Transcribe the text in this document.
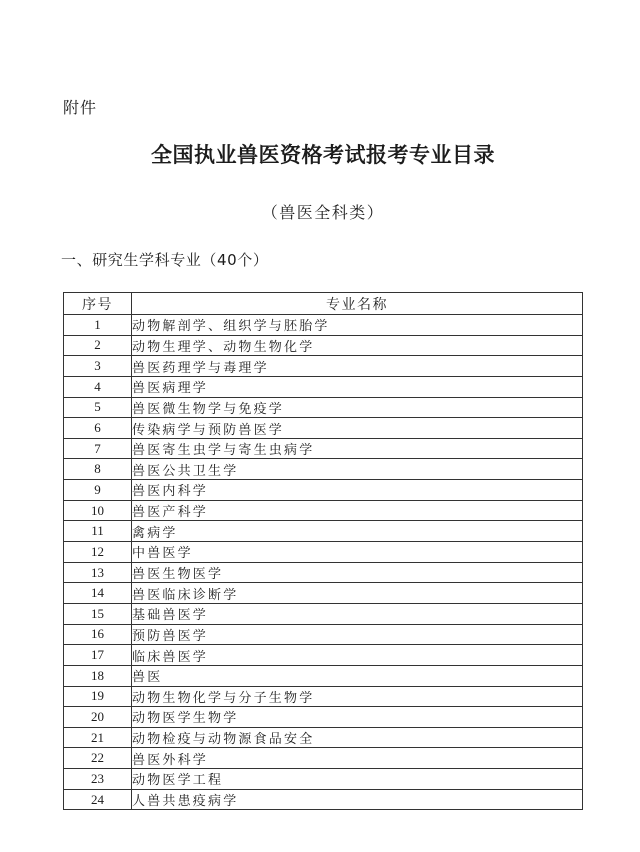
附件
全国执业兽医资格考试报考专业目录
（兽医全科类）
一、研究生学科专业（40个）
序号	专业名称
1	动物解剖学、组织学与胚胎学
2	动物生理学、动物生物化学
3	兽医药理学与毒理学
4	兽医病理学
5	兽医微生物学与免疫学
6	传染病学与预防兽医学
7	兽医寄生虫学与寄生虫病学
8	兽医公共卫生学
9	兽医内科学
10	兽医产科学
11	禽病学
12	中兽医学
13	兽医生物医学
14	兽医临床诊断学
15	基础兽医学
16	预防兽医学
17	临床兽医学
18	兽医
19	动物生物化学与分子生物学
20	动物医学生物学
21	动物检疫与动物源食品安全
22	兽医外科学
23	动物医学工程
24	人兽共患疫病学
